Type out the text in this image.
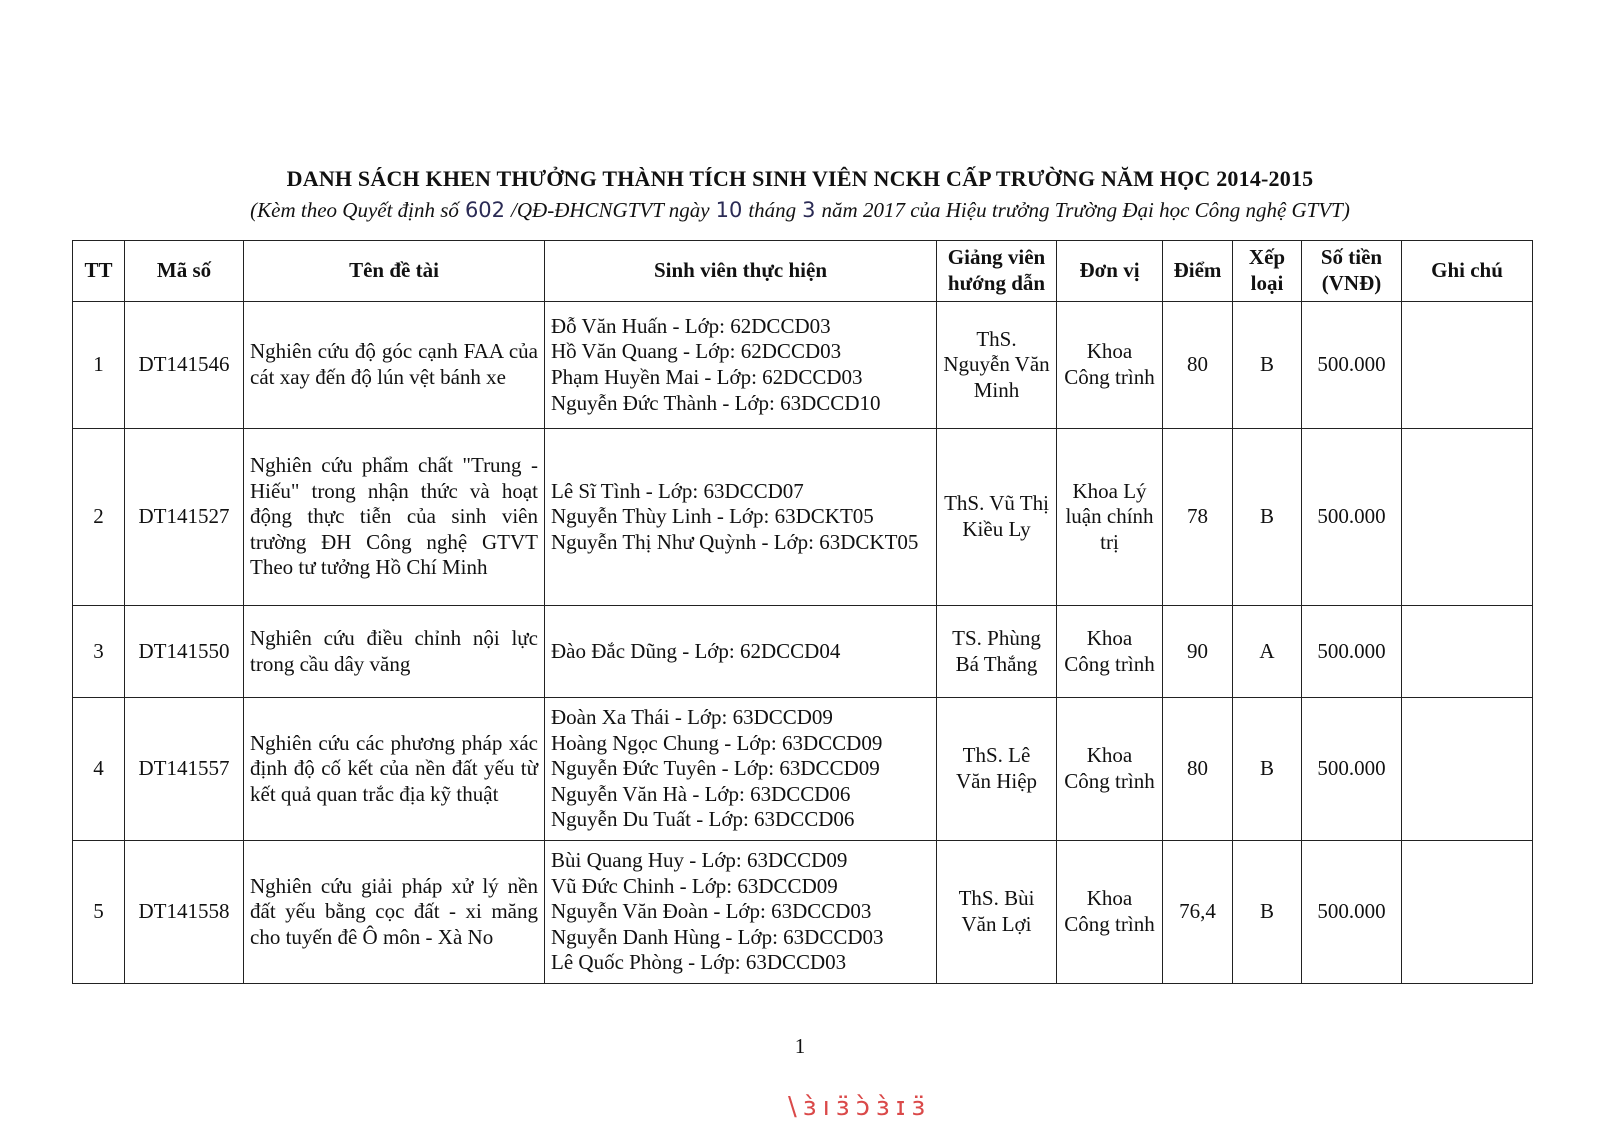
DANH SÁCH KHEN THƯỞNG THÀNH TÍCH SINH VIÊN NCKH CẤP TRƯỜNG NĂM HỌC 2014-2015
(Kèm theo Quyết định số 602 /QĐ-ĐHCNGTVT ngày 10 tháng 3 năm 2017 của Hiệu trưởng Trường Đại học Công nghệ GTVT)
TT	Mã số	Tên đề tài	Sinh viên thực hiện	Giảng viên hướng dẫn	Đơn vị	Điểm	Xếp loại	Số tiền (VNĐ)	Ghi chú
1	DT141546	Nghiên cứu độ góc cạnh FAA của cát xay đến độ lún vệt bánh xe	Đỗ Văn Huấn - Lớp: 62DCCD03
Hồ Văn Quang - Lớp: 62DCCD03
Phạm Huyền Mai - Lớp: 62DCCD03
Nguyễn Đức Thành - Lớp: 63DCCD10	ThS. Nguyễn Văn Minh	Khoa Công trình	80	B	500.000	
2	DT141527	Nghiên cứu phẩm chất "Trung - Hiếu" trong nhận thức và hoạt động thực tiễn của sinh viên trường ĐH Công nghệ GTVT Theo tư tưởng Hồ Chí Minh	Lê Sĩ Tình - Lớp: 63DCCD07
Nguyễn Thùy Linh - Lớp: 63DCKT05
Nguyễn Thị Như Quỳnh - Lớp: 63DCKT05	ThS. Vũ Thị Kiều Ly	Khoa Lý luận chính trị	78	B	500.000	
3	DT141550	Nghiên cứu điều chỉnh nội lực trong cầu dây văng	Đào Đắc Dũng - Lớp: 62DCCD04	TS. Phùng Bá Thắng	Khoa Công trình	90	A	500.000	
4	DT141557	Nghiên cứu các phương pháp xác định độ cố kết của nền đất yếu từ kết quả quan trắc địa kỹ thuật	Đoàn Xa Thái - Lớp: 63DCCD09
Hoàng Ngọc Chung - Lớp: 63DCCD09
Nguyễn Đức Tuyên - Lớp: 63DCCD09
Nguyễn Văn Hà - Lớp: 63DCCD06
Nguyễn Du Tuất - Lớp: 63DCCD06	ThS. Lê Văn Hiệp	Khoa Công trình	80	B	500.000	
5	DT141558	Nghiên cứu giải pháp xử lý nền đất yếu bằng cọc đất - xi măng cho tuyến đê Ô môn - Xà No	Bùi Quang Huy - Lớp: 63DCCD09
Vũ Đức Chinh - Lớp: 63DCCD09
Nguyễn Văn Đoàn - Lớp: 63DCCD03
Nguyễn Danh Hùng - Lớp: 63DCCD03
Lê Quốc Phòng - Lớp: 63DCCD03	ThS. Bùi Văn Lợi	Khoa Công trình	76,4	B	500.000	
1
\ɜ̀ıɜ̈ɔ̀ɜ̀ɪɜ̈
